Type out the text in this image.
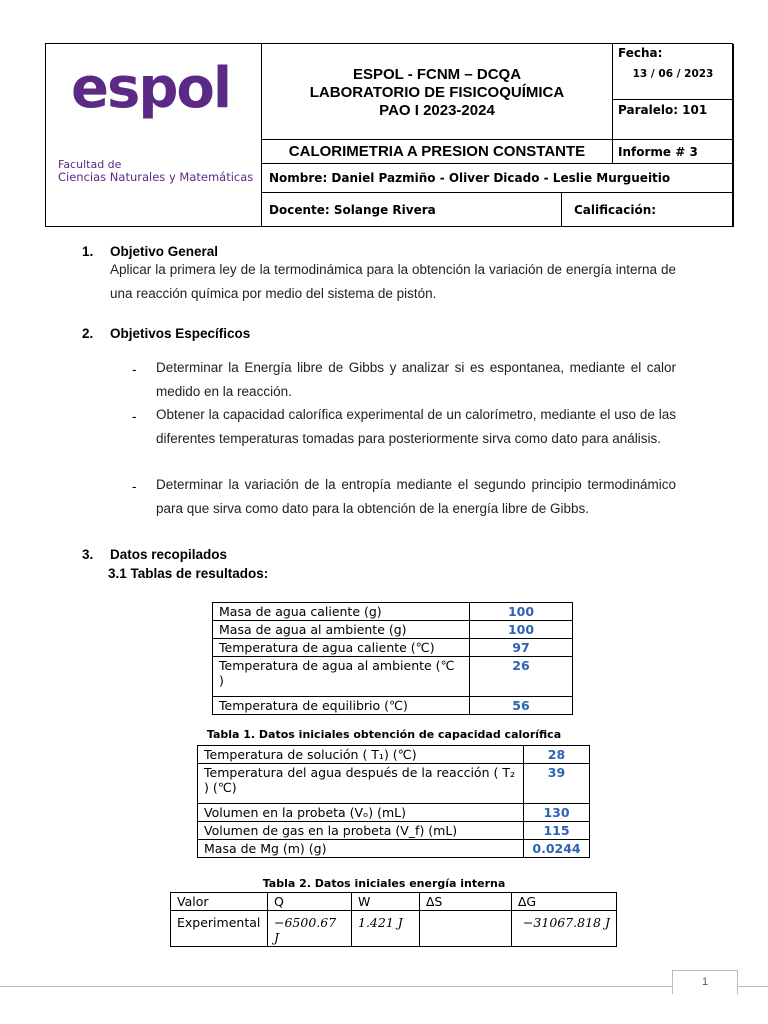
espol
Facultad de
Ciencias Naturales y Matemáticas
ESPOL - FCNM – DCQA
LABORATORIO DE FISICOQUÍMICA
PAO I 2023-2024
Fecha:
13 / 06 / 2023
Paralelo: 101
CALORIMETRIA A PRESION CONSTANTE	Informe # 3
Nombre: Daniel Pazmiño - Oliver Dicado - Leslie Murgueitio
Docente: Solange Rivera	Calificación:
1. Objetivo General
Aplicar la primera ley de la termodinámica para la obtención la variación de energía interna de una reacción química por medio del sistema de pistón.
2. Objetivos Específicos
- Determinar la Energía libre de Gibbs y analizar si es espontanea, mediante el calor medido en la reacción.
- Obtener la capacidad calorífica experimental de un calorímetro, mediante el uso de las diferentes temperaturas tomadas para posteriormente sirva como dato para análisis.
- Determinar la variación de la entropía mediante el segundo principio termodinámico para que sirva como dato para la obtención de la energía libre de Gibbs.
3. Datos recopilados
3.1 Tablas de resultados:
Masa de agua caliente (g)	100
Masa de agua al ambiente (g)	100
Temperatura de agua caliente (℃)	97
Temperatura de agua al ambiente (℃ )	26
Temperatura de equilibrio (℃)	56
Tabla 1. Datos iniciales obtención de capacidad calorífica
Temperatura de solución ( T₁) (℃)	28
Temperatura del agua después de la reacción ( T₂ ) (℃)	39
Volumen en la probeta (Vₒ) (mL)	130
Volumen de gas en la probeta (V_f) (mL)	115
Masa de Mg (m) (g)	0.0244
Tabla 2. Datos iniciales energía interna
Valor	Q	W	∆S	∆G
Experimental	−6500.67 J	1.421 J		−31067.818 J
1
